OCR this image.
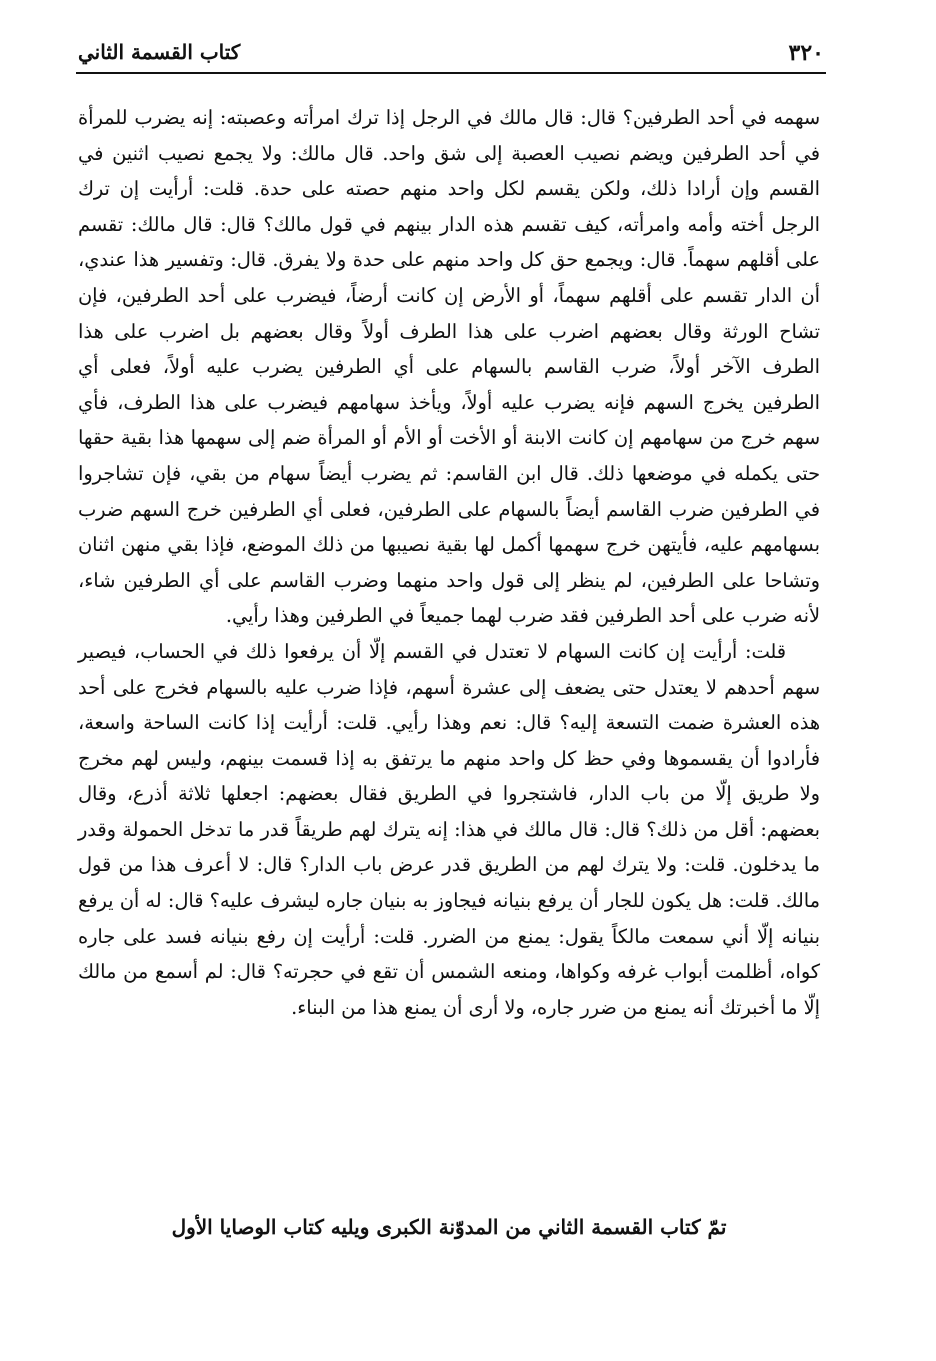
٣٢٠
كتاب القسمة الثاني

سهمه في أحد الطرفين؟ قال: قال مالك في الرجل إذا ترك امرأته وعصبته: إنه يضرب للمرأة في أحد الطرفين ويضم نصيب العصبة إلى شق واحد. قال مالك: ولا يجمع نصيب اثنين في القسم وإن أرادا ذلك، ولكن يقسم لكل واحد منهم حصته على حدة. قلت: أرأيت إن ترك الرجل أخته وأمه وامرأته، كيف تقسم هذه الدار بينهم في قول مالك؟ قال: قال مالك: تقسم على أقلهم سهماً. قال: ويجمع حق كل واحد منهم على حدة ولا يفرق. قال: وتفسير هذا عندي، أن الدار تقسم على أقلهم سهماً، أو الأرض إن كانت أرضاً، فيضرب على أحد الطرفين، فإن تشاح الورثة وقال بعضهم اضرب على هذا الطرف أولاً وقال بعضهم بل اضرب على هذا الطرف الآخر أولاً، ضرب القاسم بالسهام على أي الطرفين يضرب عليه أولاً، فعلى أي الطرفين يخرج السهم فإنه يضرب عليه أولاً، ويأخذ سهامهم فيضرب على هذا الطرف، فأي سهم خرج من سهامهم إن كانت الابنة أو الأخت أو الأم أو المرأة ضم إلى سهمها هذا بقية حقها حتى يكمله في موضعها ذلك. قال ابن القاسم: ثم يضرب أيضاً سهام من بقي، فإن تشاجروا في الطرفين ضرب القاسم أيضاً بالسهام على الطرفين، فعلى أي الطرفين خرج السهم ضرب بسهامهم عليه، فأيتهن خرج سهمها أكمل لها بقية نصيبها من ذلك الموضع، فإذا بقي منهن اثنان وتشاحا على الطرفين، لم ينظر إلى قول واحد منهما وضرب القاسم على أي الطرفين شاء، لأنه ضرب على أحد الطرفين فقد ضرب لهما جميعاً في الطرفين وهذا رأيي.

قلت: أرأيت إن كانت السهام لا تعتدل في القسم إلّا أن يرفعوا ذلك في الحساب، فيصير سهم أحدهم لا يعتدل حتى يضعف إلى عشرة أسهم، فإذا ضرب عليه بالسهام فخرج على أحد هذه العشرة ضمت التسعة إليه؟ قال: نعم وهذا رأيي. قلت: أرأيت إذا كانت الساحة واسعة، فأرادوا أن يقسموها وفي حظ كل واحد منهم ما يرتفق به إذا قسمت بينهم، وليس لهم مخرج ولا طريق إلّا من باب الدار، فاشتجروا في الطريق فقال بعضهم: اجعلها ثلاثة أذرع، وقال بعضهم: أقل من ذلك؟ قال: قال مالك في هذا: إنه يترك لهم طريقاً قدر ما تدخل الحمولة وقدر ما يدخلون. قلت: ولا يترك لهم من الطريق قدر عرض باب الدار؟ قال: لا أعرف هذا من قول مالك. قلت: هل يكون للجار أن يرفع بنيانه فيجاوز به بنيان جاره ليشرف عليه؟ قال: له أن يرفع بنيانه إلّا أني سمعت مالكاً يقول: يمنع من الضرر. قلت: أرأيت إن رفع بنيانه فسد على جاره كواه، أظلمت أبواب غرفه وكواها، ومنعه الشمس أن تقع في حجرته؟ قال: لم أسمع من مالك إلّا ما أخبرتك أنه يمنع من ضرر جاره، ولا أرى أن يمنع هذا من البناء.

تمّ كتاب القسمة الثاني من المدوّنة الكبرى ويليه كتاب الوصايا الأول
